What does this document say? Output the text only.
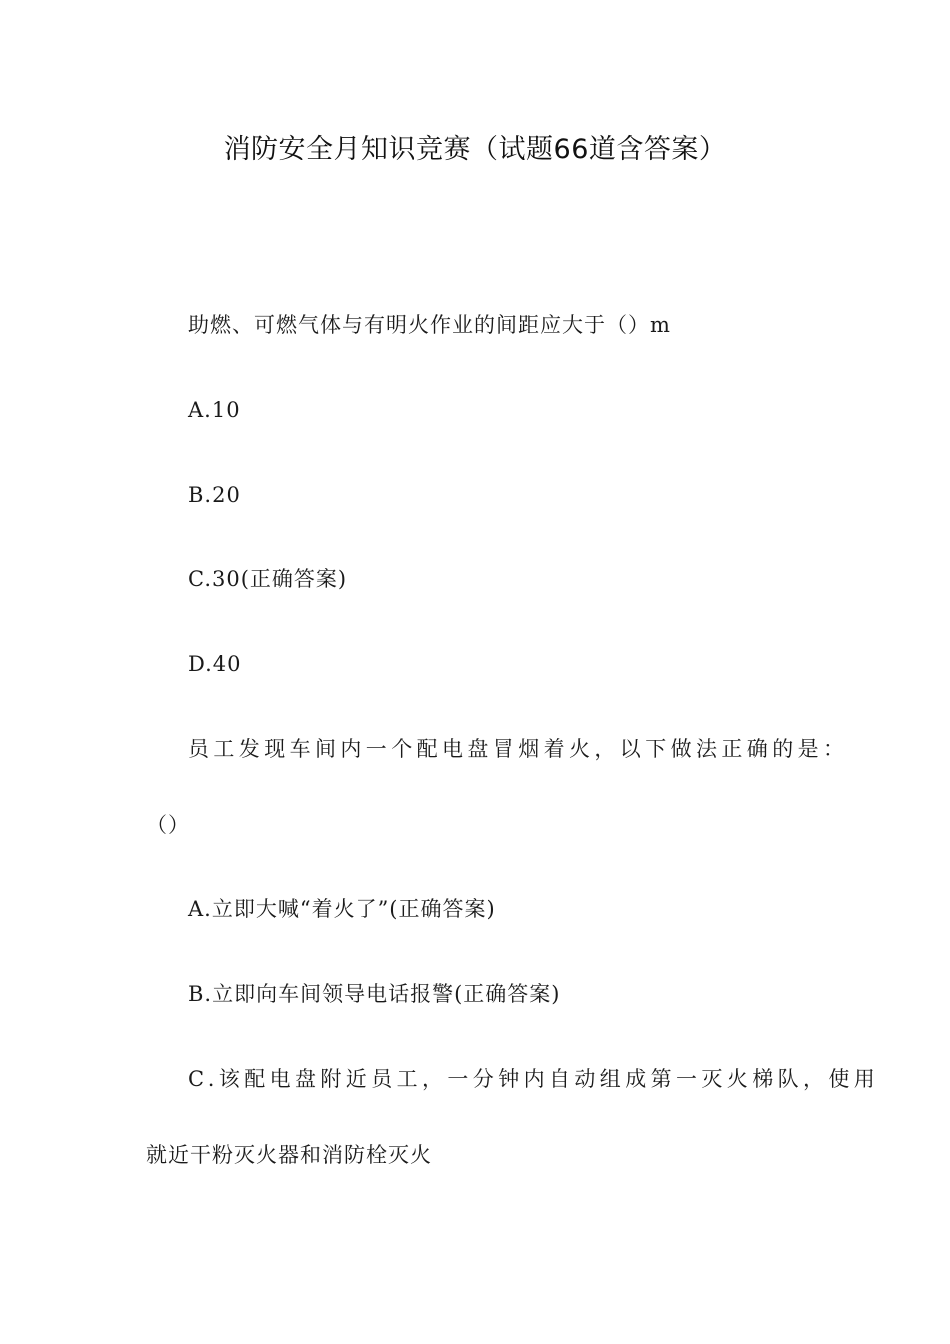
消防安全月知识竞赛（试题66道含答案）
助燃、可燃气体与有明火作业的间距应大于（）m
A.10
B.20
C.30(正确答案)
D.40
员工发现车间内一个配电盘冒烟着火，以下做法正确的是：
（）
A.立即大喊“着火了”(正确答案)
B.立即向车间领导电话报警(正确答案)
C.该配电盘附近员工，一分钟内自动组成第一灭火梯队，使用
就近干粉灭火器和消防栓灭火
